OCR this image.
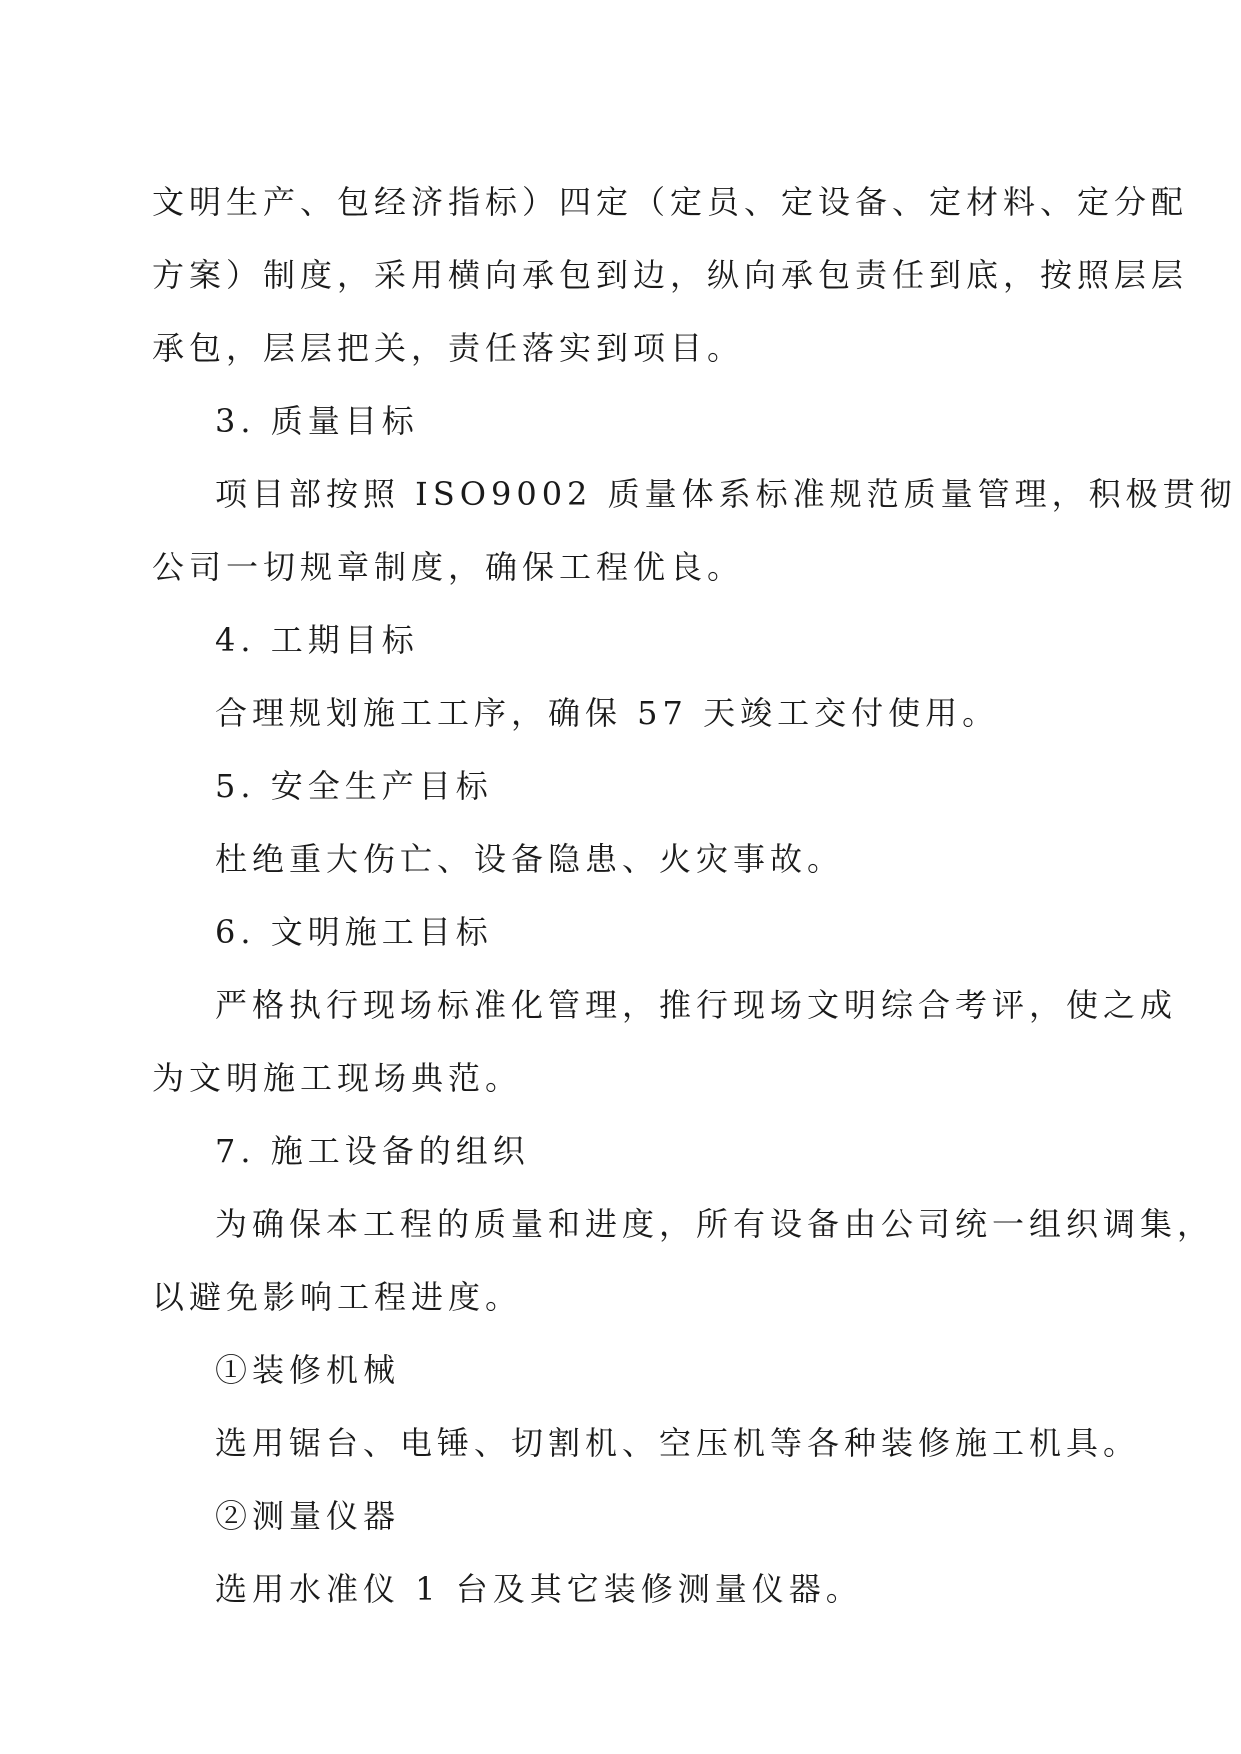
文明生产、包经济指标）四定（定员、定设备、定材料、定分配
方案）制度，采用横向承包到边，纵向承包责任到底，按照层层
承包，层层把关，责任落实到项目。
3. 质量目标
项目部按照 ISO9002 质量体系标准规范质量管理，积极贯彻
公司一切规章制度，确保工程优良。
4. 工期目标
合理规划施工工序，确保 57 天竣工交付使用。
5. 安全生产目标
杜绝重大伤亡、设备隐患、火灾事故。
6. 文明施工目标
严格执行现场标准化管理，推行现场文明综合考评，使之成
为文明施工现场典范。
7. 施工设备的组织
为确保本工程的质量和进度，所有设备由公司统一组织调集，
以避免影响工程进度。
①装修机械
选用锯台、电锤、切割机、空压机等各种装修施工机具。
②测量仪器
选用水准仪 1 台及其它装修测量仪器。
